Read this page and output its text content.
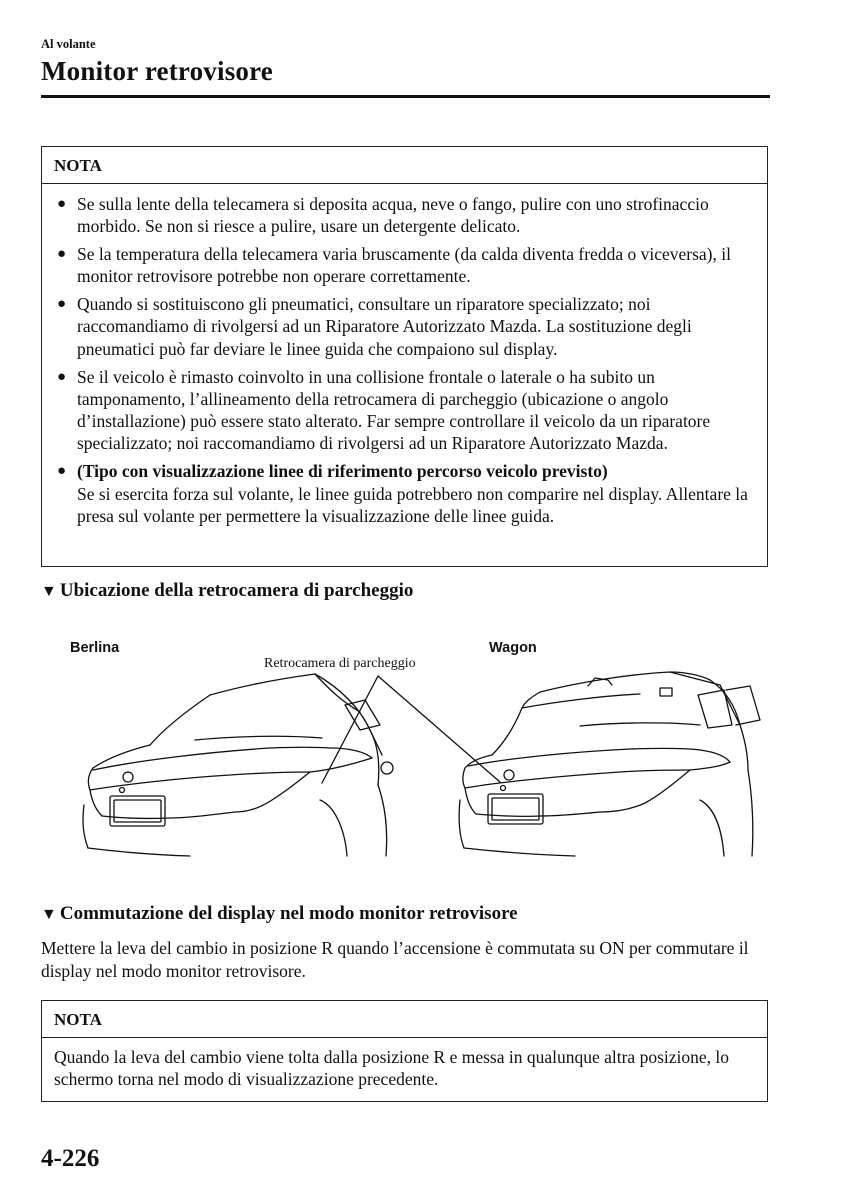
Al volante
Monitor retrovisore
NOTA
● Se sulla lente della telecamera si deposita acqua, neve o fango, pulire con uno strofinaccio morbido. Se non si riesce a pulire, usare un detergente delicato.
● Se la temperatura della telecamera varia bruscamente (da calda diventa fredda o viceversa), il monitor retrovisore potrebbe non operare correttamente.
● Quando si sostituiscono gli pneumatici, consultare un riparatore specializzato; noi raccomandiamo di rivolgersi ad un Riparatore Autorizzato Mazda. La sostituzione degli pneumatici può far deviare le linee guida che compaiono sul display.
● Se il veicolo è rimasto coinvolto in una collisione frontale o laterale o ha subito un tamponamento, l’allineamento della retrocamera di parcheggio (ubicazione o angolo d’installazione) può essere stato alterato. Far sempre controllare il veicolo da un riparatore specializzato; noi raccomandiamo di rivolgersi ad un Riparatore Autorizzato Mazda.
● (Tipo con visualizzazione linee di riferimento percorso veicolo previsto)
Se si esercita forza sul volante, le linee guida potrebbero non comparire nel display. Allentare la presa sul volante per permettere la visualizzazione delle linee guida.
▼ Ubicazione della retrocamera di parcheggio
Berlina	Wagon
Retrocamera di parcheggio
▼ Commutazione del display nel modo monitor retrovisore
Mettere la leva del cambio in posizione R quando l’accensione è commutata su ON per commutare il display nel modo monitor retrovisore.
NOTA
Quando la leva del cambio viene tolta dalla posizione R e messa in qualunque altra posizione, lo schermo torna nel modo di visualizzazione precedente.
4-226
